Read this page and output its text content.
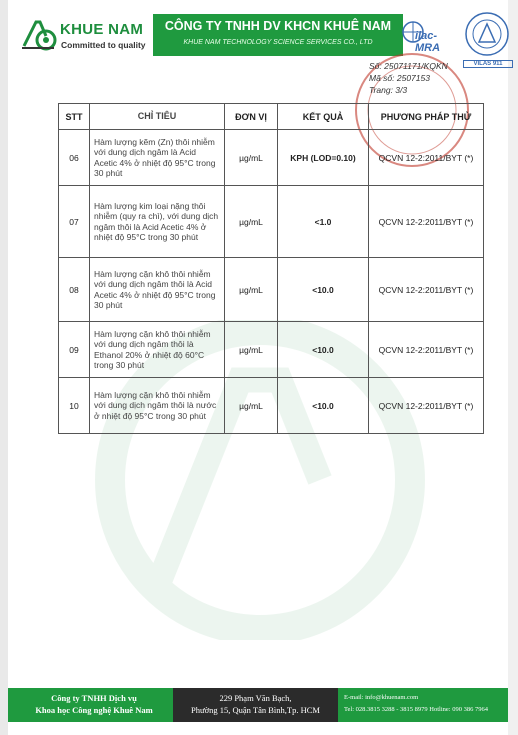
KHUE NAM
Committed to quality
CÔNG TY TNHH DV KHCN KHUÊ NAM
KHUE NAM TECHNOLOGY SCIENCE SERVICES CO., LTD
ilac-MRA
VILAS 911
Số: 25071171/KQKN
Mã số: 2507153
Trang: 3/3
STT	CHỈ TIÊU	ĐƠN VỊ	KẾT QUẢ	PHƯƠNG PHÁP THỬ
06	Hàm lượng kẽm (Zn) thôi nhiễm với dung dịch ngâm là Acid Acetic 4% ở nhiệt độ 95°C trong 30 phút	µg/mL	KPH (LOD=0.10)	QCVN 12-2:2011/BYT (*)
07	Hàm lượng kim loại nặng thôi nhiễm (quy ra chì), với dung dịch ngâm thôi là Acid Acetic 4% ở nhiệt độ 95°C trong 30 phút	µg/mL	<1.0	QCVN 12-2:2011/BYT (*)
08	Hàm lượng cặn khô thôi nhiễm với dung dịch ngâm thôi là Acid Acetic 4% ở nhiệt độ 95°C trong 30 phút	µg/mL	<10.0	QCVN 12-2:2011/BYT (*)
09	Hàm lượng cặn khô thôi nhiễm với dung dịch ngâm thôi là Ethanol 20% ở nhiệt độ 60°C trong 30 phút	µg/mL	<10.0	QCVN 12-2:2011/BYT (*)
10	Hàm lượng cặn khô thôi nhiễm với dung dịch ngâm thôi là nước ở nhiệt độ 95°C trong 30 phút	µg/mL	<10.0	QCVN 12-2:2011/BYT (*)
Công ty TNHH Dịch vụ
Khoa học Công nghệ Khuê Nam
229 Phạm Văn Bạch,
Phường 15, Quận Tân Bình,Tp. HCM
E-mail: info@khuenam.com
Tel: 028.3815 3288 - 3815 8979 Hotline: 090 386 7964
